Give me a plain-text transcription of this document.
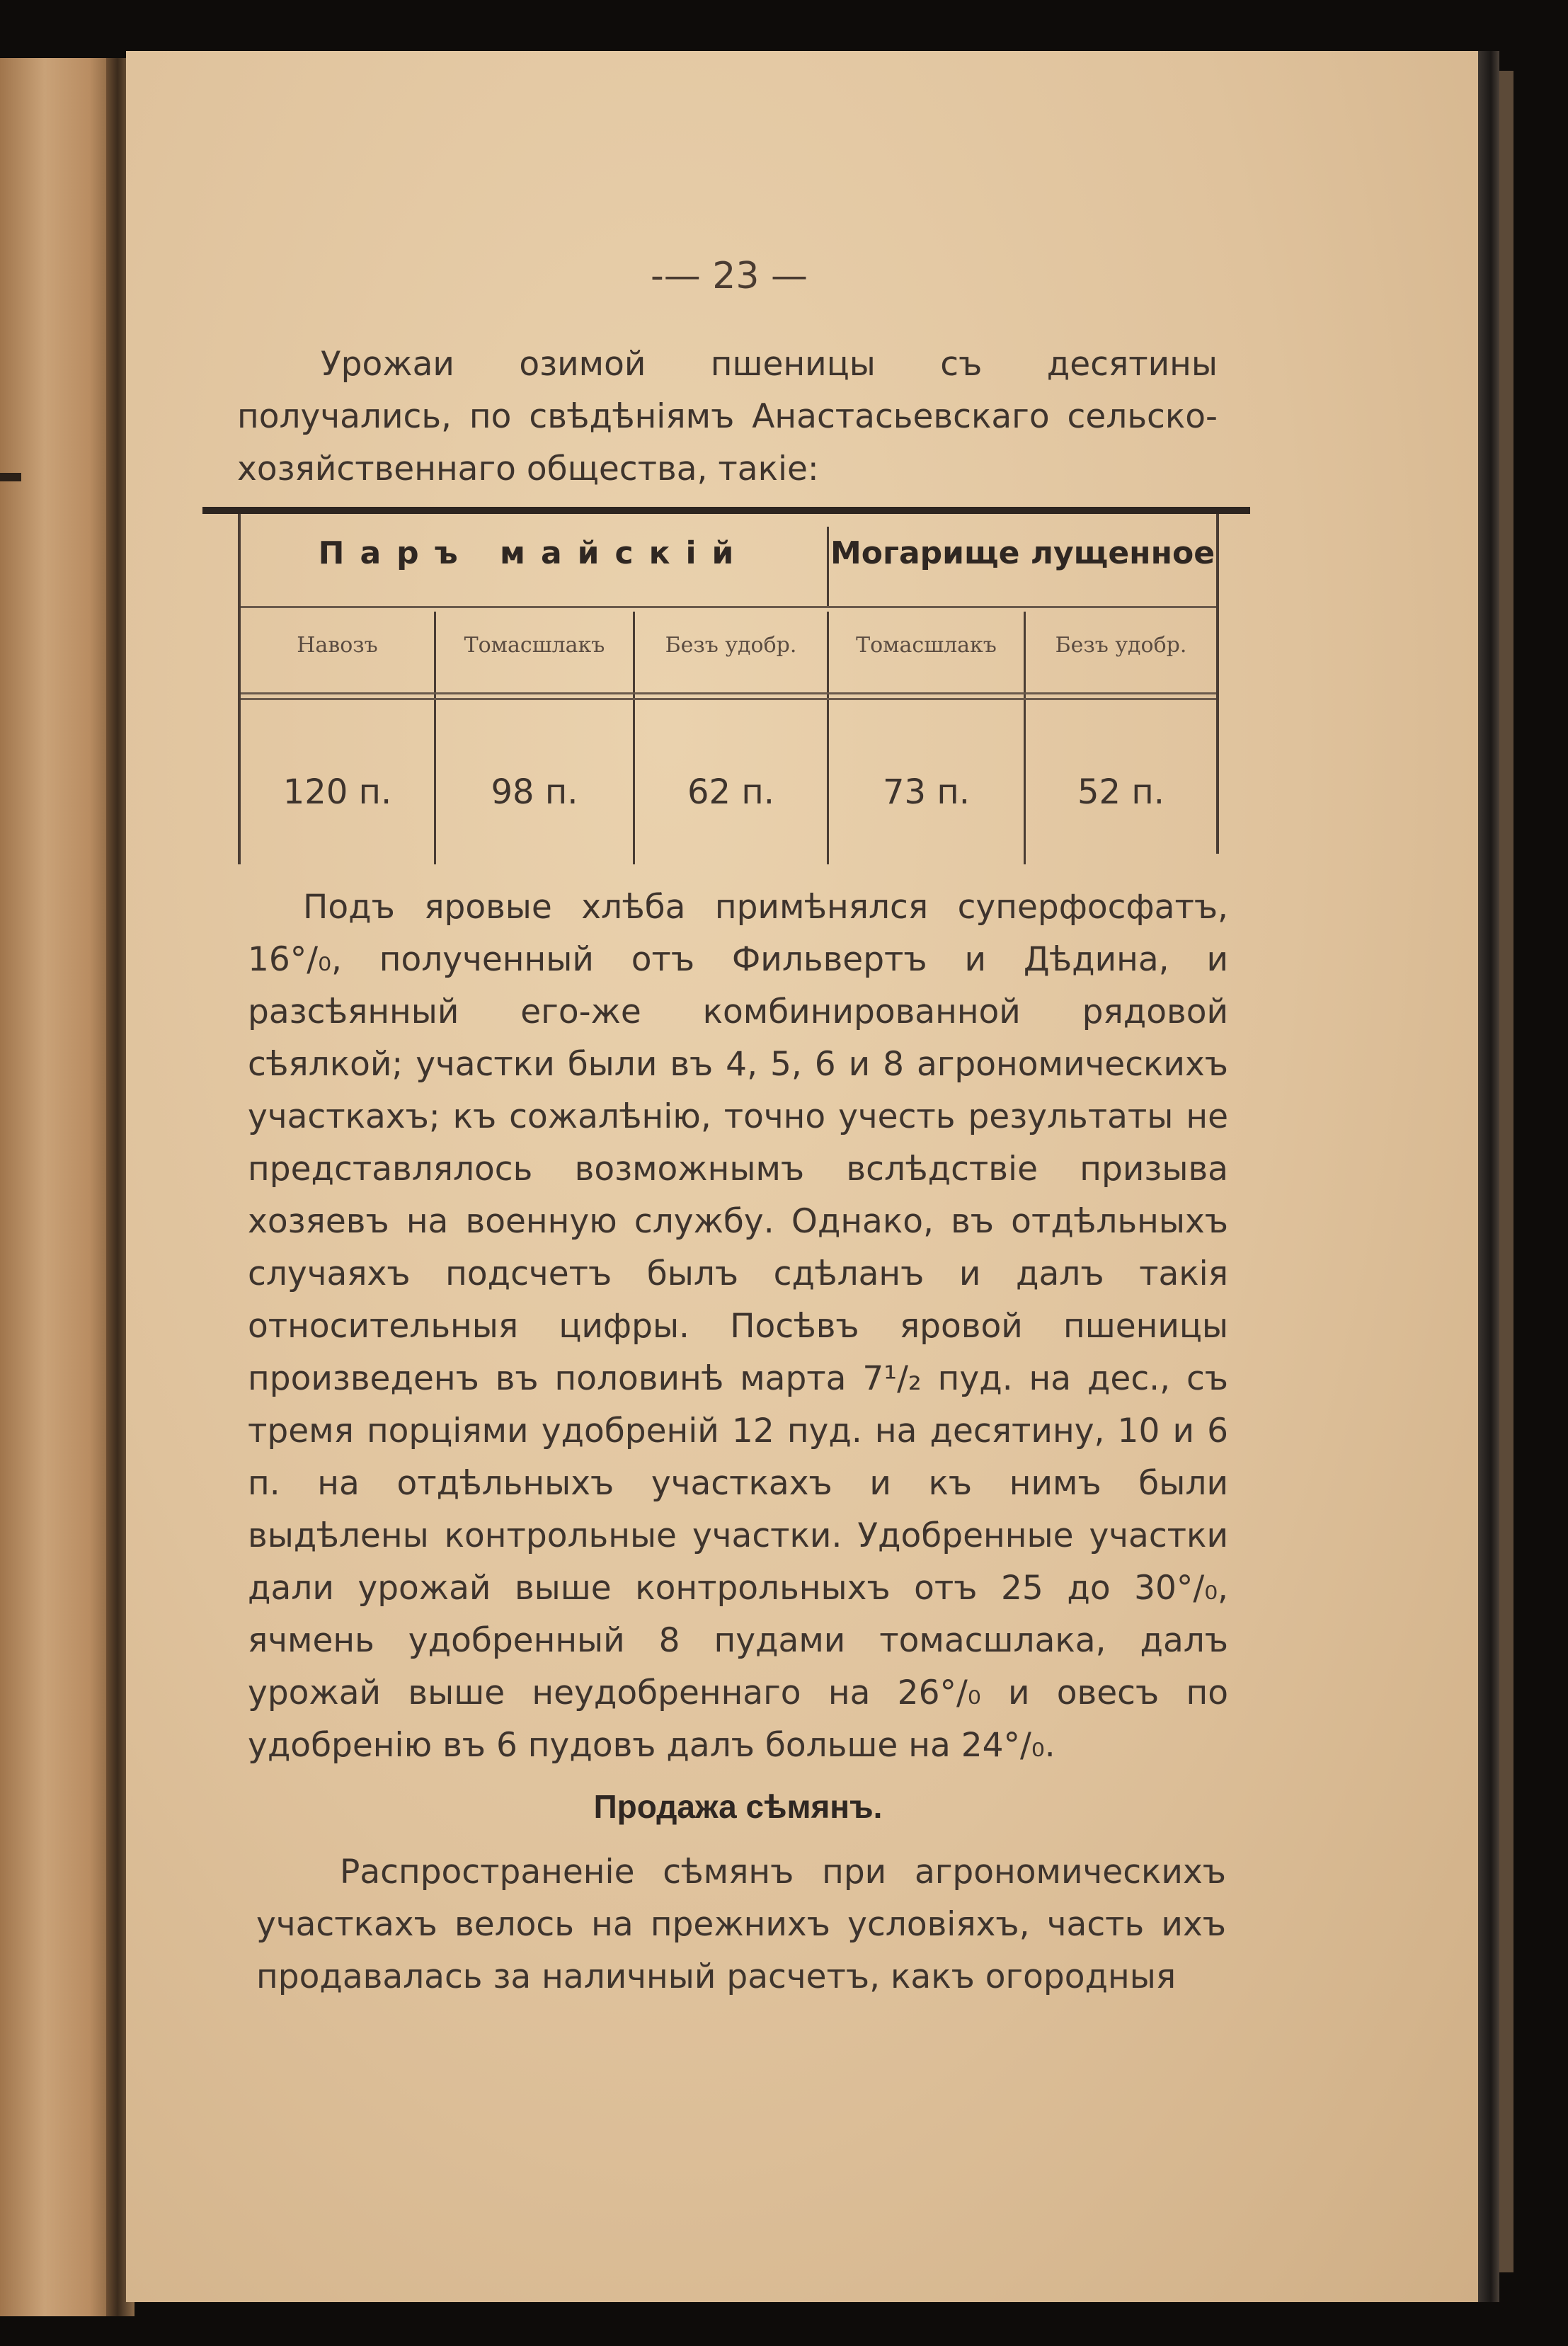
-— 23 —

Урожаи озимой пшеницы съ десятины получались, по свѣдѣніямъ Анастасьевскаго сельско-хозяйственнаго общества, такіе:

Паръ майскій	Могарище лущенное
Навозъ	Томасшлакъ	Безъ удобр.	Томасшлакъ	Безъ удобр.
120 п.	98 п.	62 п.	73 п.	52 п.

Подъ яровые хлѣба примѣнялся суперфосфатъ, 16°/₀, полученный отъ Фильвертъ и Дѣдина, и разсѣянный его-же комбинированной рядовой сѣялкой; участки были въ 4, 5, 6 и 8 агрономическихъ участкахъ; къ сожалѣнію, точно учесть результаты не представлялось возможнымъ вслѣдствіе призыва хозяевъ на военную службу. Однако, въ отдѣльныхъ случаяхъ подсчетъ былъ сдѣланъ и далъ такія относительныя цифры. Посѣвъ яровой пшеницы произведенъ въ половинѣ марта 7¹/₂ пуд. на дес., съ тремя порціями удобреній 12 пуд. на десятину, 10 и 6 п. на отдѣльныхъ участкахъ и къ нимъ были выдѣлены контрольные участки. Удобренные участки дали урожай выше контрольныхъ отъ 25 до 30°/₀, ячмень удобренный 8 пудами томасшлака, далъ урожай выше неудобреннаго на 26°/₀ и овесъ по удобренію въ 6 пудовъ далъ больше на 24°/₀.

Продажа сѣмянъ.

Распространеніе сѣмянъ при агрономическихъ участкахъ велось на прежнихъ условіяхъ, часть ихъ продавалась за наличный расчетъ, какъ огородныя
